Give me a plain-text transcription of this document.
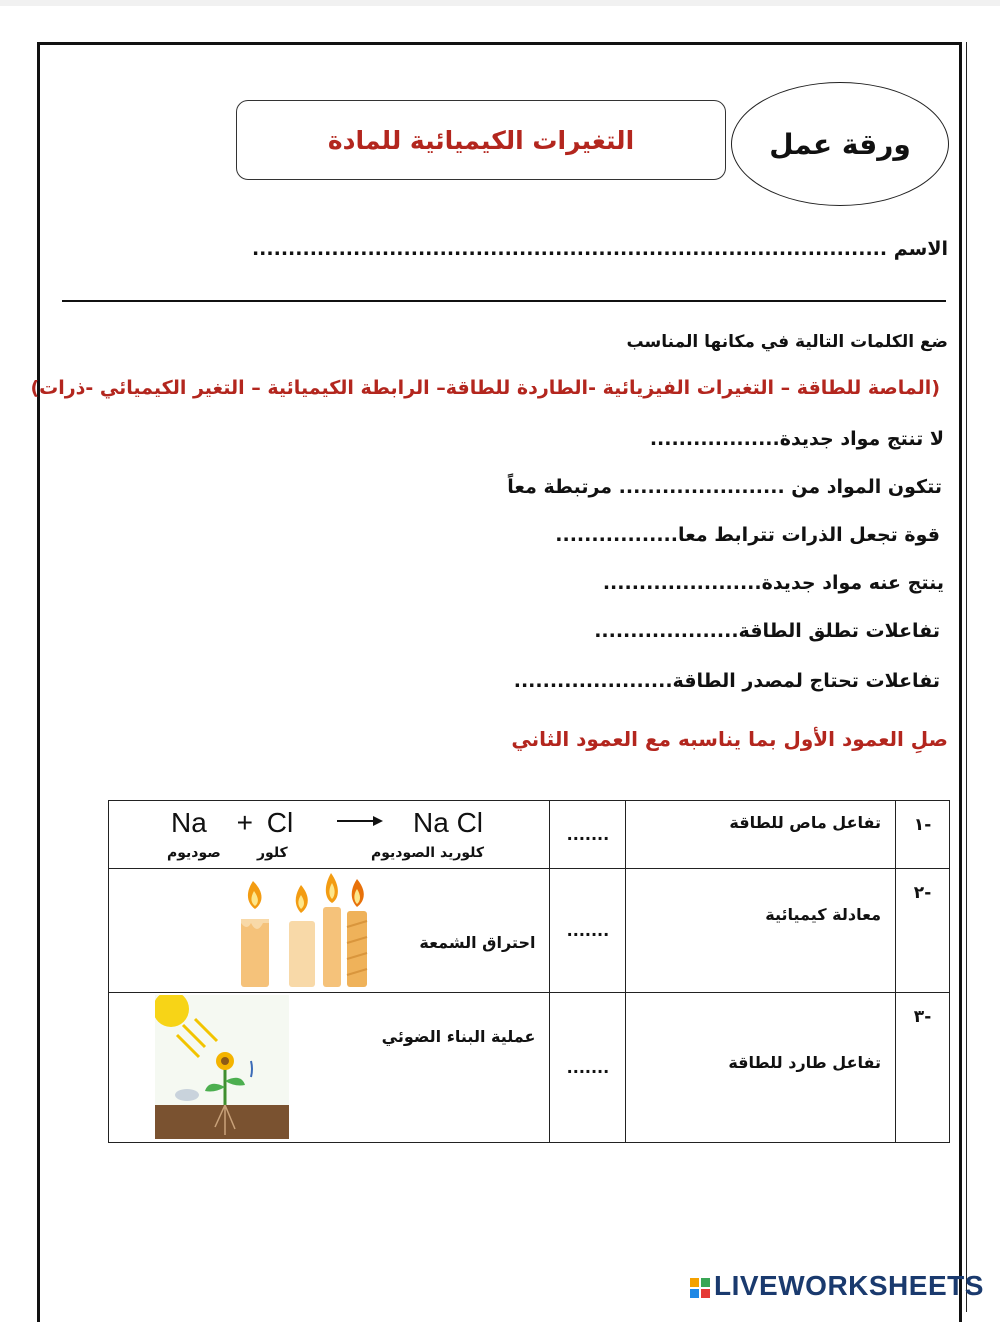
التغيرات الكيميائية للمادة	ورقة عمل
الاسم ........................................................................................
ضع الكلمات التالية في مكانها المناسب
(الماصة للطاقة – التغيرات الفيزيائية -الطاردة للطاقة– الرابطة الكيميائية – التغير الكيميائي -ذرات)
لا تنتج مواد جديدة..................
تتكون المواد من ....................... مرتبطة معاً
قوة تجعل الذرات تترابط معا.................
ينتج عنه مواد جديدة......................
تفاعلات تطلق الطاقة....................
تفاعلات تحتاج لمصدر الطاقة......................
صلِ العمود الأول بما يناسبه مع العمود الثاني
-١	تفاعل ماص للطاقة	.......	Na + Cl Na Cl
صوديوم كلور كلوريد الصوديوم

-٢	معادلة كيميائية	.......	احتراق الشمعة

-٣	تفاعل طارد للطاقة	.......	عملية البناء الضوئي
LIVEWORKSHEETS
